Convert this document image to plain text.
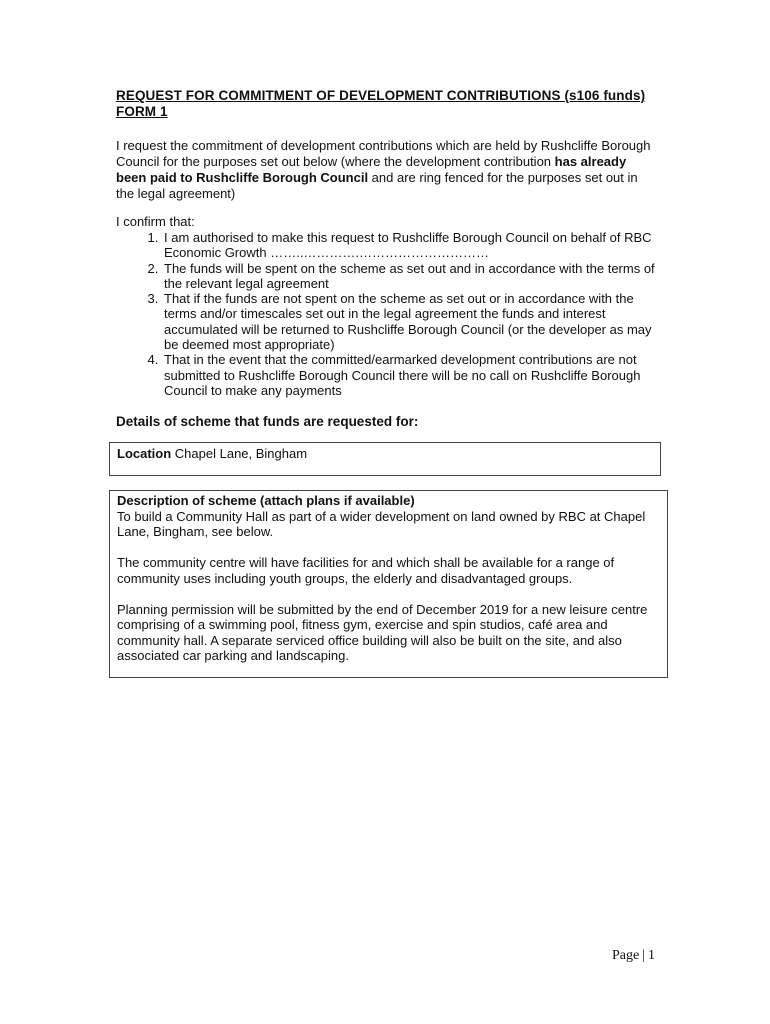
REQUEST FOR COMMITMENT OF DEVELOPMENT CONTRIBUTIONS (s106 funds) FORM 1
I request the commitment of development contributions which are held by Rushcliffe Borough Council for the purposes set out below (where the development contribution has already been paid to Rushcliffe Borough Council and are ring fenced for the purposes set out in the legal agreement)
I confirm that:
1. I am authorised to make this request to Rushcliffe Borough Council on behalf of RBC Economic Growth ……..………….…………………………
2. The funds will be spent on the scheme as set out and in accordance with the terms of the relevant legal agreement
3. That if the funds are not spent on the scheme as set out or in accordance with the terms and/or timescales set out in the legal agreement the funds and interest accumulated will be returned to Rushcliffe Borough Council (or the developer as may be deemed most appropriate)
4. That in the event that the committed/earmarked development contributions are not submitted to Rushcliffe Borough Council there will be no call on Rushcliffe Borough Council to make any payments
Details of scheme that funds are requested for:
Location Chapel Lane, Bingham

Description of scheme (attach plans if available)

To build a Community Hall as part of a wider development on land owned by RBC at Chapel Lane, Bingham, see below.

The community centre will have facilities for and which shall be available for a range of community uses including youth groups, the elderly and disadvantaged groups.

Planning permission will be submitted by the end of December 2019 for a new leisure centre comprising of a swimming pool, fitness gym, exercise and spin studios, café area and community hall. A separate serviced office building will also be built on the site, and also associated car parking and landscaping.

Page | 1
